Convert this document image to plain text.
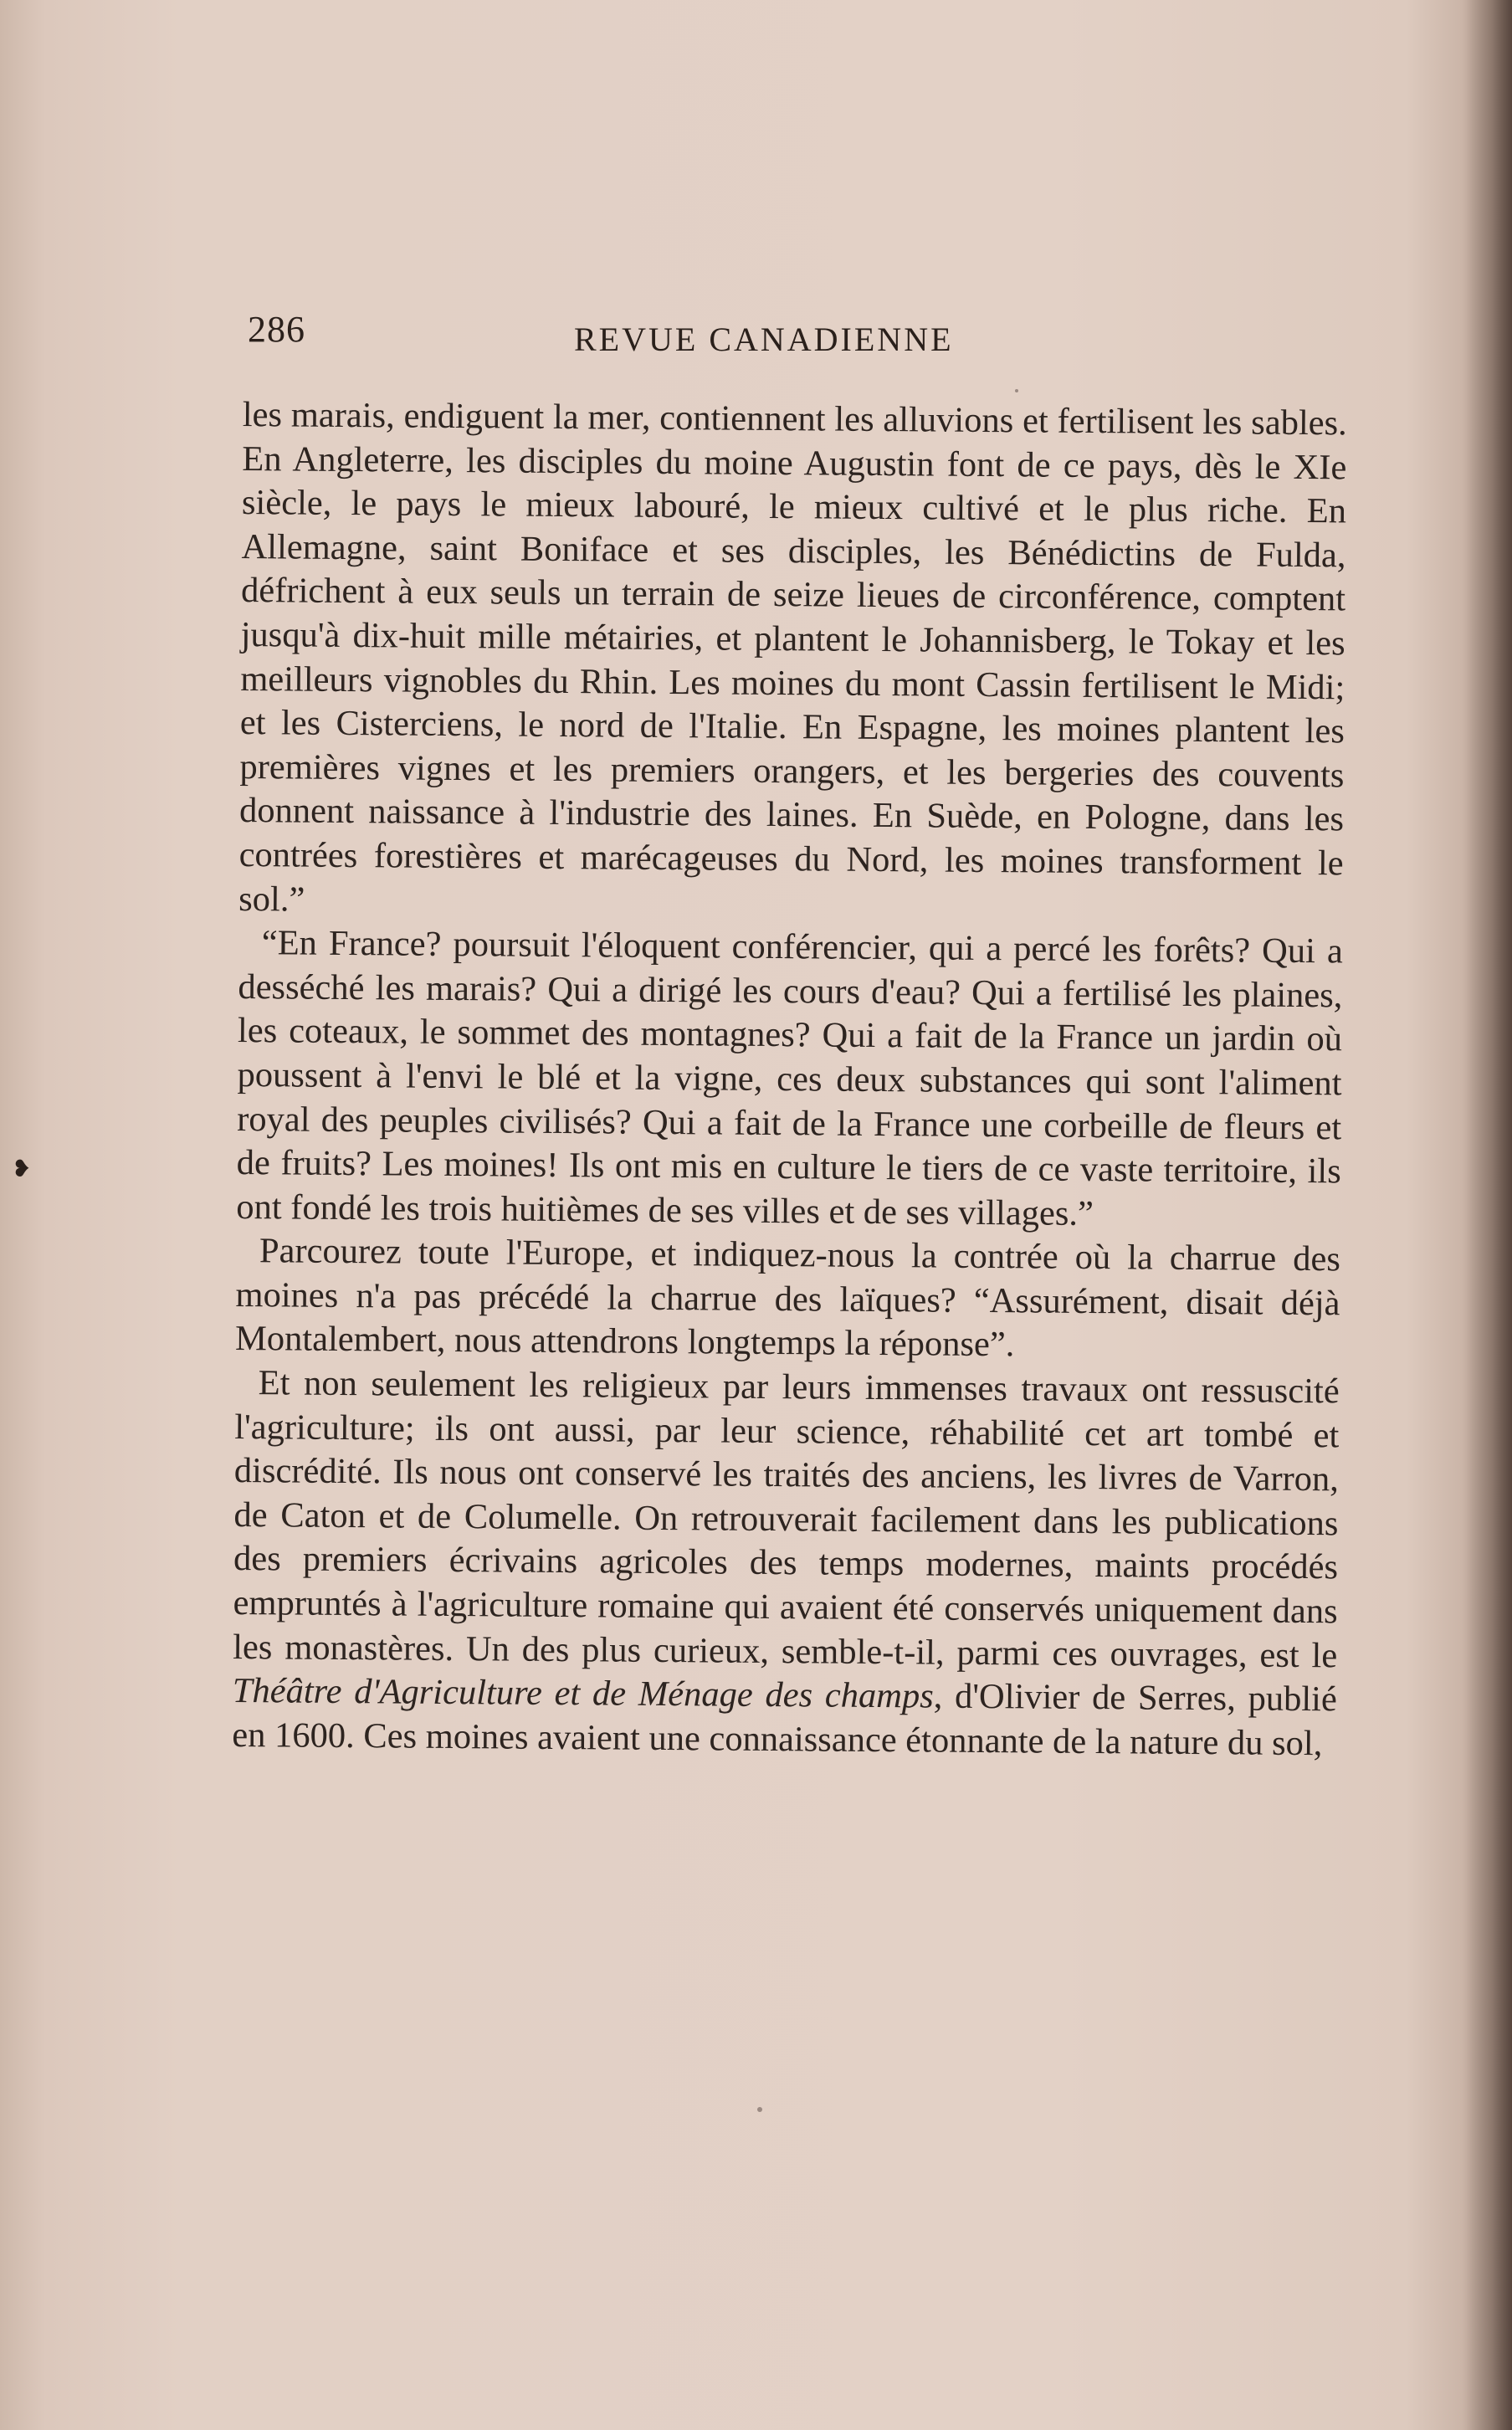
286	REVUE CANADIENNE
❥

les marais, endiguent la mer, contiennent les alluvions et fertilisent les sables. En Angleterre, les disciples du moine Augustin font de ce pays, dès le XIe siècle, le pays le mieux labouré, le mieux cultivé et le plus riche. En Allemagne, saint Boniface et ses disciples, les Bénédictins de Fulda, défrichent à eux seuls un terrain de seize lieues de circonférence, comptent jusqu'à dix-huit mille métairies, et plantent le Johannisberg, le Tokay et les meilleurs vignobles du Rhin. Les moines du mont Cassin fertilisent le Midi; et les Cisterciens, le nord de l'Italie. En Espagne, les moines plantent les premières vignes et les premiers orangers, et les bergeries des couvents donnent naissance à l'industrie des laines. En Suède, en Pologne, dans les contrées forestières et marécageuses du Nord, les moines transforment le sol.”

“En France? poursuit l'éloquent conférencier, qui a percé les forêts? Qui a desséché les marais? Qui a dirigé les cours d'eau? Qui a fertilisé les plaines, les coteaux, le sommet des montagnes? Qui a fait de la France un jardin où poussent à l'envi le blé et la vigne, ces deux substances qui sont l'aliment royal des peuples civilisés? Qui a fait de la France une corbeille de fleurs et de fruits? Les moines! Ils ont mis en culture le tiers de ce vaste territoire, ils ont fondé les trois huitièmes de ses villes et de ses villages.”

Parcourez toute l'Europe, et indiquez-nous la contrée où la charrue des moines n'a pas précédé la charrue des laïques? “Assurément, disait déjà Montalembert, nous attendrons longtemps la réponse”.

Et non seulement les religieux par leurs immenses travaux ont ressuscité l'agriculture; ils ont aussi, par leur science, réhabilité cet art tombé et discrédité. Ils nous ont conservé les traités des anciens, les livres de Varron, de Caton et de Columelle. On retrouverait facilement dans les publications des premiers écrivains agricoles des temps modernes, maints procédés empruntés à l'agriculture romaine qui avaient été conservés uniquement dans les monastères. Un des plus curieux, semble-t-il, parmi ces ouvrages, est le Théâtre d'Agriculture et de Ménage des champs, d'Olivier de Serres, publié en 1600. Ces moines avaient une connaissance étonnante de la nature du sol,
